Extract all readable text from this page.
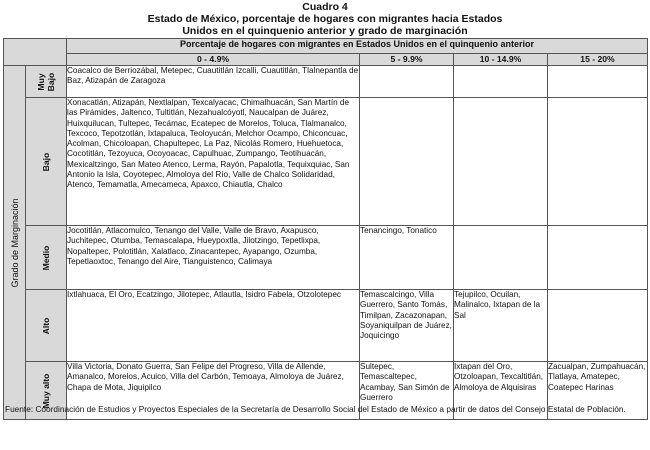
Cuadro 4
Estado de México, porcentaje de hogares con migrantes hacia Estados
Unidos en el quinquenio anterior y grado de marginación
		Porcentaje de hogares con migrantes en Estados Unidos en el quinquenio anterior			
		0 - 4.9%	5 - 9.9%	10 - 14.9%	15 - 20%

Grado de Marginación	Muy Bajo	Coacalco de Berriozábal, Metepec, Cuautitlán Izcalli, Cuautitlán, Tlalnepantla de Baz, Atizapán de Zaragoza			

	Bajo	Xonacatlán, Atizapán, Nextlalpan, Texcalyacac, Chimalhuacán, San Martín de las Pirámides, Jaltenco, Tultitlán, Nezahualcóyotl, Naucalpan de Juárez, Huixquilucan, Tultepec, Tecámac, Ecatepec de Morelos, Toluca, Tlalmanalco, Texcoco, Tepotzotlán, Ixtapaluca, Teoloyucán, Melchor Ocampo, Chiconcuac, Acolman, Chicoloapan, Chapultepec, La Paz, Nicolás Romero, Huehuetoca, Cocotitlán, Tezoyuca, Ocoyoacac, Capulhuac, Zumpango, Teotihuacán, Mexicaltzingo, San Mateo Atenco, Lerma, Rayón, Papalotla, Tequixquiac, San Antonio la Isla, Coyotepec, Almoloya del Río, Valle de Chalco Solidaridad, Atenco, Temamatla, Amecameca, Apaxco, Chiautla, Chalco			

	Medio	Jocotitlán, Atlacomulco, Tenango del Valle, Valle de Bravo, Axapusco, Juchitepec, Otumba, Temascalapa, Hueypoxtla, Jilotzingo, Tepetlixpa, Nopaltepec, Polotitlán, Xalatlaco, Zinacantepec, Ayapango, Ozumba, Tepetlaoxtoc, Tenango del Aire, Tianguistenco, Calimaya	Tenancingo, Tonatico		

	Alto	Ixtlahuaca, El Oro, Ecatzingo, Jilotepec, Atlautla, Isidro Fabela, Otzolotepec	Temascalcingo, Villa Guerrero, Santo Tomás, Timilpan, Zacazonapan, Soyaniquilpan de Juárez, Joquicingo	Tejupilco, Ocuilan, Malinalco, Ixtapan de la Sal	

	Muy alto	Villa Victoria, Donato Guerra, San Felipe del Progreso, Villa de Allende, Amanalco, Morelos, Acuico, Villa del Carbón, Temoaya, Almoloya de Juárez, Chapa de Mota, Jiquipilco	Sultepec, Temascaltepec, Acambay, San Simón de Guerrero	Ixtapan del Oro, Otzoloapan, Texcaltitlán, Almoloya de Alquisiras	Zacualpan, Zumpahuacán, Tlatlaya, Amatepec, Coatepec Harinas
Fuente: Coordinación de Estudios y Proyectos Especiales de la Secretaría de Desarrollo Social del Estado de México a partir de datos del Consejo Estatal de Población.
